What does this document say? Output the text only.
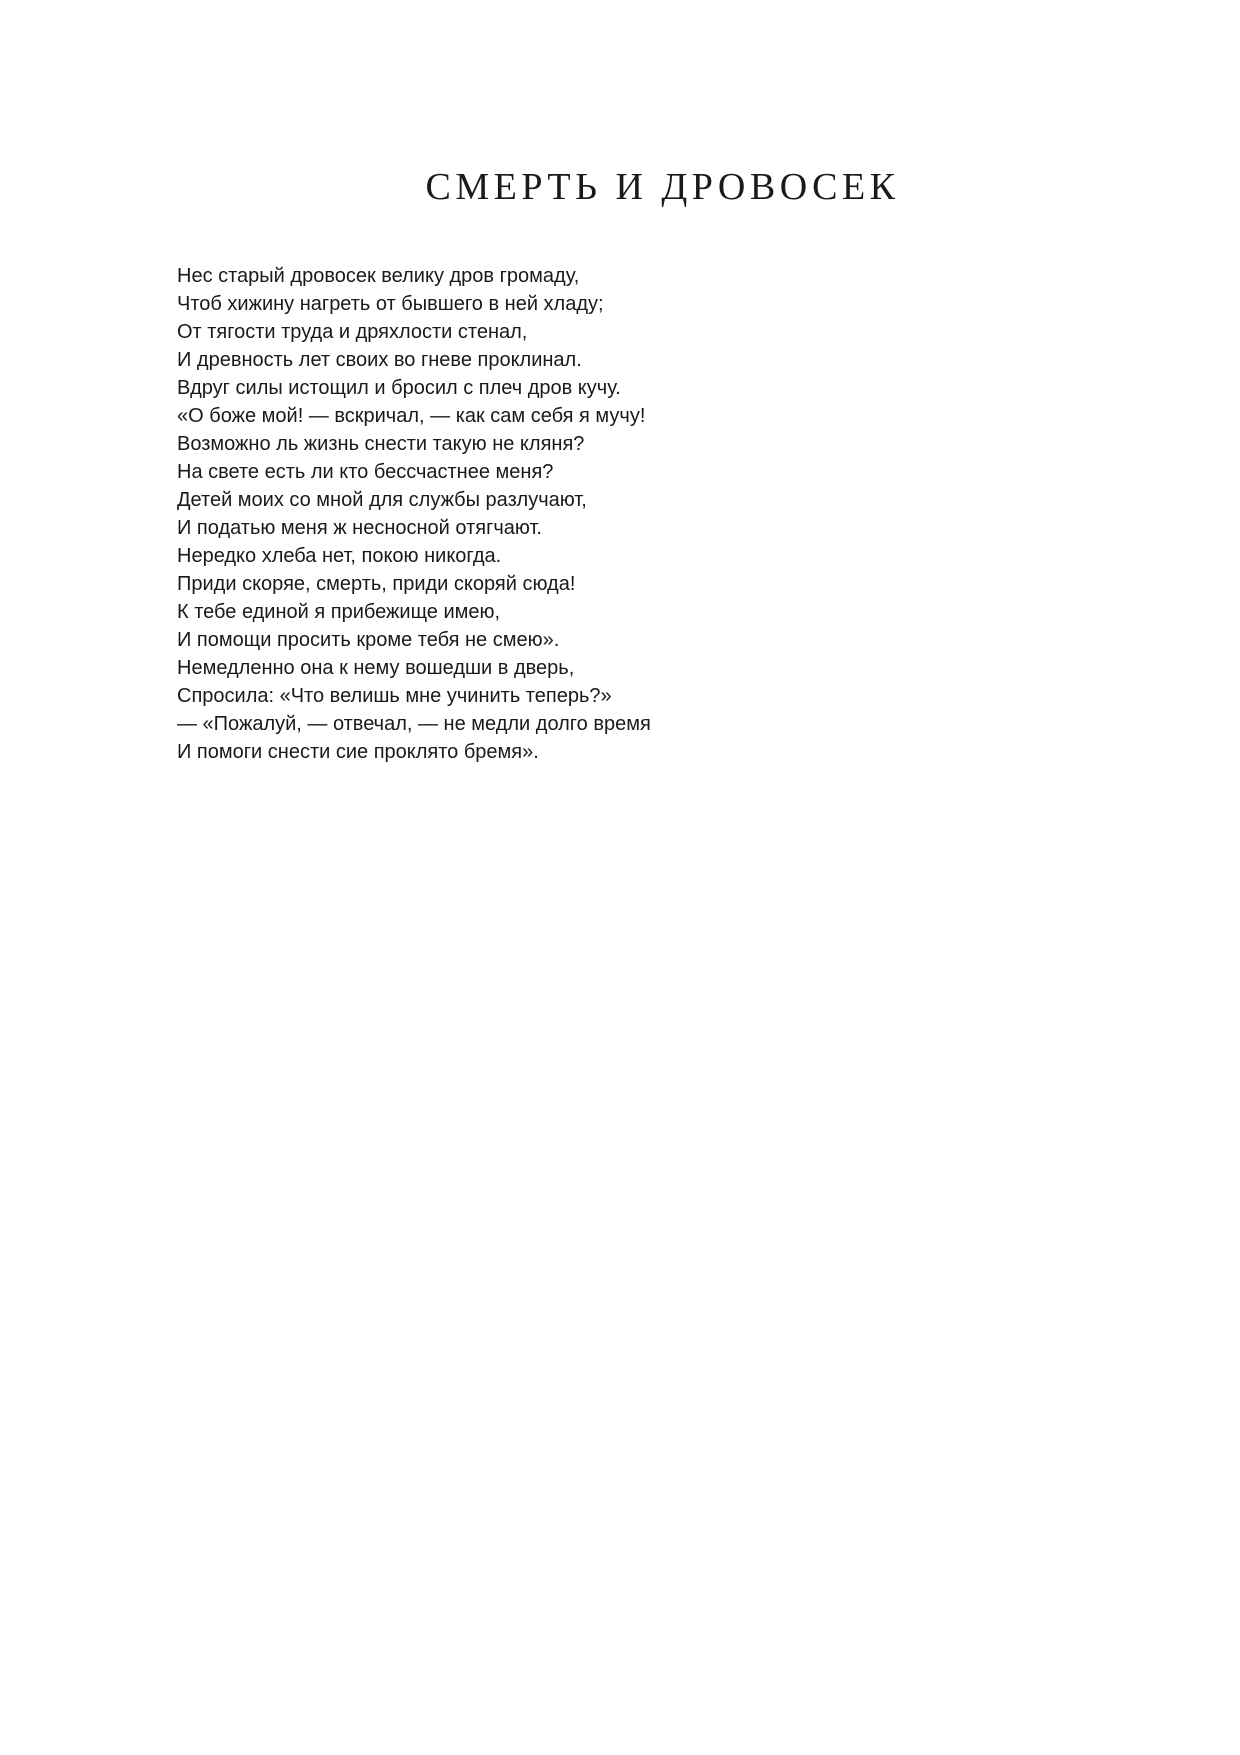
СМЕРТЬ И ДРОВОСЕК
Нес старый дровосек велику дров громаду,
Чтоб хижину нагреть от бывшего в ней хладу;
От тягости труда и дряхлости стенал,
И древность лет своих во гневе проклинал.
Вдруг силы истощил и бросил с плеч дров кучу.
«О боже мой! — вскричал, — как сам себя я мучу!
Возможно ль жизнь снести такую не кляня?
На свете есть ли кто бессчастнее меня?
Детей моих со мной для службы разлучают,
И податью меня ж несносной отягчают.
Нередко хлеба нет, покою никогда.
Приди скоряе, смерть, приди скоряй сюда!
К тебе единой я прибежище имею,
И помощи просить кроме тебя не смею».
Немедленно она к нему вошедши в дверь,
Спросила: «Что велишь мне учинить теперь?»
— «Пожалуй, — отвечал, — не медли долго время
И помоги снести сие проклято бремя».
